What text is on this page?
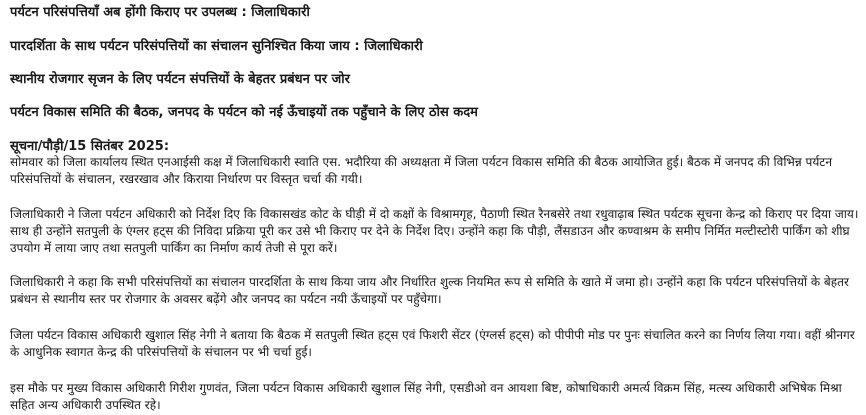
पर्यटन परिसंपत्तियाँ अब होंगी किराए पर उपलब्ध : जिलाधिकारी

पारदर्शिता के साथ पर्यटन परिसंपत्तियों का संचालन सुनिश्चित किया जाय : जिलाधिकारी

स्थानीय रोजगार सृजन के लिए पर्यटन संपत्तियों के बेहतर प्रबंधन पर जोर

पर्यटन विकास समिति की बैठक, जनपद के पर्यटन को नई ऊँचाइयों तक पहुँचाने के लिए ठोस कदम

सूचना/पौड़ी/15 सितंबर 2025:

सोमवार को जिला कार्यालय स्थित एनआईसी कक्ष में जिलाधिकारी स्वाति एस. भदौरिया की अध्यक्षता में जिला पर्यटन विकास समिति की बैठक आयोजित हुई। बैठक में जनपद की विभिन्न पर्यटन परिसंपत्तियों के संचालन, रखरखाव और किराया निर्धारण पर विस्तृत चर्चा की गयी।

जिलाधिकारी ने जिला पर्यटन अधिकारी को निर्देश दिए कि विकासखंड कोट के घीड़ी में दो कक्षों के विश्रामगृह, पैठाणी स्थित रैनबसेरे तथा रधुवाढ़ाब स्थित पर्यटक सूचना केन्द्र को किराए पर दिया जाय। साथ ही उन्होंने सतपुली के एंग्लर हट्स की निविदा प्रक्रिया पूरी कर उसे भी किराए पर देने के निर्देश दिए। उन्होंने कहा कि पौड़ी, लैंसडाउन और कण्वाश्रम के समीप निर्मित मल्टीस्टोरी पार्किंग को शीघ्र उपयोग में लाया जाए तथा सतपुली पार्किंग का निर्माण कार्य तेजी से पूरा करें।

जिलाधिकारी ने कहा कि सभी परिसंपत्तियों का संचालन पारदर्शिता के साथ किया जाय और निर्धारित शुल्क नियमित रूप से समिति के खाते में जमा हो। उन्होंने कहा कि पर्यटन परिसंपत्तियों के बेहतर प्रबंधन से स्थानीय स्तर पर रोजगार के अवसर बढ़ेंगे और जनपद का पर्यटन नयी ऊँचाइयों पर पहुँचेगा।

जिला पर्यटन विकास अधिकारी खुशाल सिंह नेगी ने बताया कि बैठक में सतपुली स्थित हट्स एवं फिशरी सेंटर (एंग्लर्स हट्स) को पीपीपी मोड पर पुनः संचालित करने का निर्णय लिया गया। वहीं श्रीनगर के आधुनिक स्वागत केन्द्र की परिसंपत्तियों के संचालन पर भी चर्चा हुई।

इस मौके पर मुख्य विकास अधिकारी गिरीश गुणवंत, जिला पर्यटन विकास अधिकारी खुशाल सिंह नेगी, एसडीओ वन आयशा बिष्ट, कोषाधिकारी अमर्त्य विक्रम सिंह, मत्स्य अधिकारी अभिषेक मिश्रा सहित अन्य अधिकारी उपस्थित रहे।
